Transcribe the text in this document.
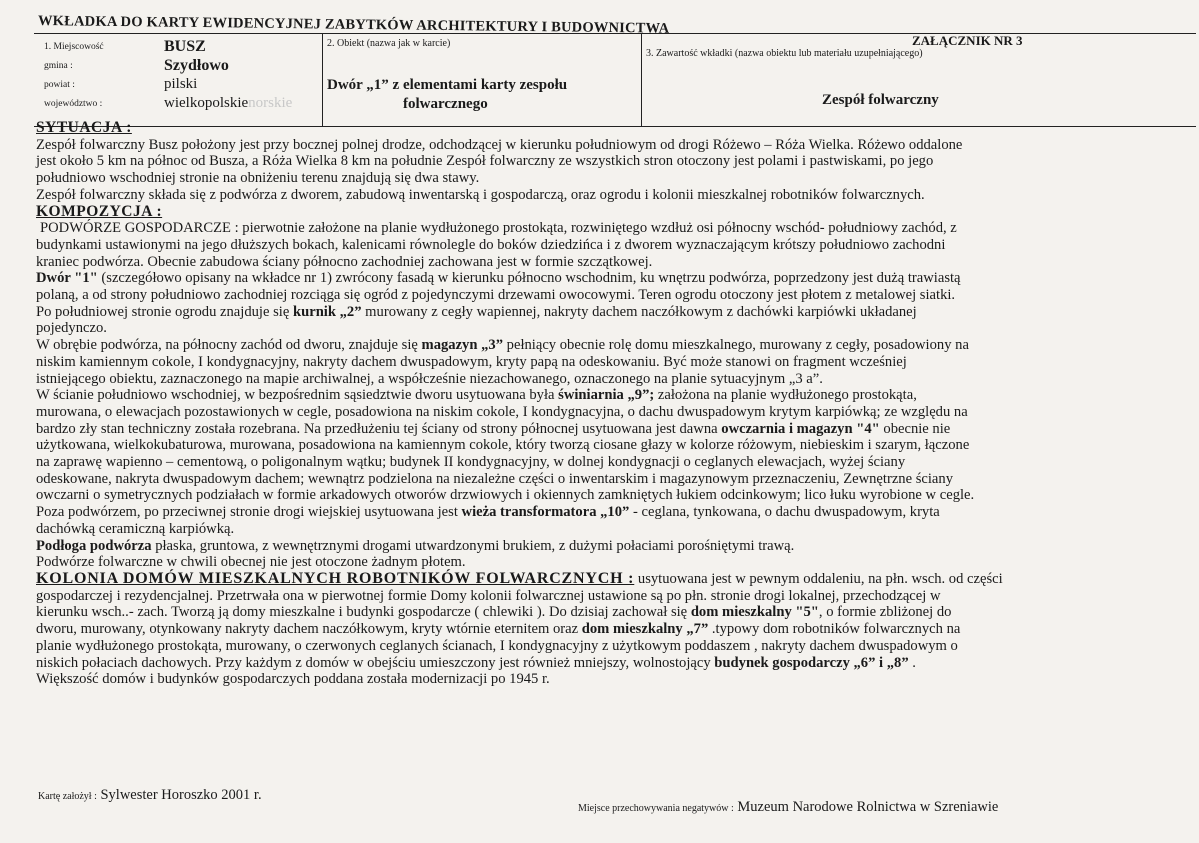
WKŁADKA DO KARTY EWIDENCYJNEJ ZABYTKÓW ARCHITEKTURY I BUDOWNICTWA
ZAŁĄCZNIK NR 3
1. Miejscowość	BUSZ
gmina :	Szydłowo
powiat :	pilski
województwo :	wielkopolskienorskie
2. Obiekt (nazwa jak w karcie)
Dwór „1” z elementami karty zespołu
folwarcznego
3. Zawartość wkładki (nazwa obiektu lub materiału uzupełniającego)
Zespół folwarczny

SYTUACJA :

Zespół folwarczny Busz położony jest przy bocznej polnej drodze, odchodzącej w kierunku południowym od drogi Różewo – Róża Wielka. Różewo oddalone

jest około 5 km na północ od Busza, a Róża Wielka 8 km na południe Zespół folwarczny ze wszystkich stron otoczony jest polami i pastwiskami, po jego

południowo wschodniej stronie na obniżeniu terenu znajdują się dwa stawy.

Zespół folwarczny składa się z podwórza z dworem, zabudową inwentarską i gospodarczą, oraz ogrodu i kolonii mieszkalnej robotników folwarcznych.

KOMPOZYCJA :

PODWÓRZE GOSPODARCZE : pierwotnie założone na planie wydłużonego prostokąta, rozwiniętego wzdłuż osi północny wschód- południowy zachód, z

budynkami ustawionymi na jego dłuższych bokach, kalenicami równolegle do boków dziedzińca i z dworem wyznaczającym krótszy południowo zachodni

kraniec podwórza. Obecnie zabudowa ściany północno zachodniej zachowana jest w formie szczątkowej.

Dwór "1" (szczegółowo opisany na wkładce nr 1) zwrócony fasadą w kierunku północno wschodnim, ku wnętrzu podwórza, poprzedzony jest dużą trawiastą

polaną, a od strony południowo zachodniej rozciąga się ogród z pojedynczymi drzewami owocowymi. Teren ogrodu otoczony jest płotem z metalowej siatki.

Po południowej stronie ogrodu znajduje się kurnik „2” murowany z cegły wapiennej, nakryty dachem naczółkowym z dachówki karpiówki układanej

pojedynczo.

W obrębie podwórza, na północny zachód od dworu, znajduje się magazyn „3” pełniący obecnie rolę domu mieszkalnego, murowany z cegły, posadowiony na

niskim kamiennym cokole, I kondygnacyjny, nakryty dachem dwuspadowym, kryty papą na odeskowaniu. Być może stanowi on fragment wcześniej

istniejącego obiektu, zaznaczonego na mapie archiwalnej, a współcześnie niezachowanego, oznaczonego na planie sytuacyjnym „3 a”.

W ścianie południowo wschodniej, w bezpośrednim sąsiedztwie dworu usytuowana była świniarnia „9”; założona na planie wydłużonego prostokąta,

murowana, o elewacjach pozostawionych w cegle, posadowiona na niskim cokole, I kondygnacyjna, o dachu dwuspadowym krytym karpiówką; ze względu na

bardzo zły stan techniczny została rozebrana. Na przedłużeniu tej ściany od strony północnej usytuowana jest dawna owczarnia i magazyn "4" obecnie nie

użytkowana, wielkokubaturowa, murowana, posadowiona na kamiennym cokole, który tworzą ciosane głazy w kolorze różowym, niebieskim i szarym, łączone

na zaprawę wapienno – cementową, o poligonalnym wątku; budynek II kondygnacyjny, w dolnej kondygnacji o ceglanych elewacjach, wyżej ściany

odeskowane, nakryta dwuspadowym dachem; wewnątrz podzielona na niezależne części o inwentarskim i magazynowym przeznaczeniu, Zewnętrzne ściany

owczarni o symetrycznych podziałach w formie arkadowych otworów drzwiowych i okiennych zamkniętych łukiem odcinkowym; lico łuku wyrobione w cegle.

Poza podwórzem, po przeciwnej stronie drogi wiejskiej usytuowana jest wieża transformatora „10” - ceglana, tynkowana, o dachu dwuspadowym, kryta

dachówką ceramiczną karpiówką.

Podłoga podwórza płaska, gruntowa, z wewnętrznymi drogami utwardzonymi brukiem, z dużymi połaciami porośniętymi trawą.

Podwórze folwarczne w chwili obecnej nie jest otoczone żadnym płotem.

KOLONIA DOMÓW MIESZKALNYCH ROBOTNIKÓW FOLWARCZNYCH : usytuowana jest w pewnym oddaleniu, na płn. wsch. od części

gospodarczej i rezydencjalnej. Przetrwała ona w pierwotnej formie Domy kolonii folwarcznej ustawione są po płn. stronie drogi lokalnej, przechodzącej w

kierunku wsch..- zach. Tworzą ją domy mieszkalne i budynki gospodarcze ( chlewiki ). Do dzisiaj zachował się dom mieszkalny "5", o formie zbliżonej do

dworu, murowany, otynkowany nakryty dachem naczółkowym, kryty wtórnie eternitem oraz dom mieszkalny „7” .typowy dom robotników folwarcznych na

planie wydłużonego prostokąta, murowany, o czerwonych ceglanych ścianach, I kondygnacyjny z użytkowym poddaszem , nakryty dachem dwuspadowym o

niskich połaciach dachowych. Przy każdym z domów w obejściu umieszczony jest również mniejszy, wolnostojący budynek gospodarczy „6” i „8” .

Większość domów i budynków gospodarczych poddana została modernizacji po 1945 r.

Kartę założył : Sylwester Horoszko 2001 r.
Miejsce przechowywania negatywów : Muzeum Narodowe Rolnictwa w Szreniawie
